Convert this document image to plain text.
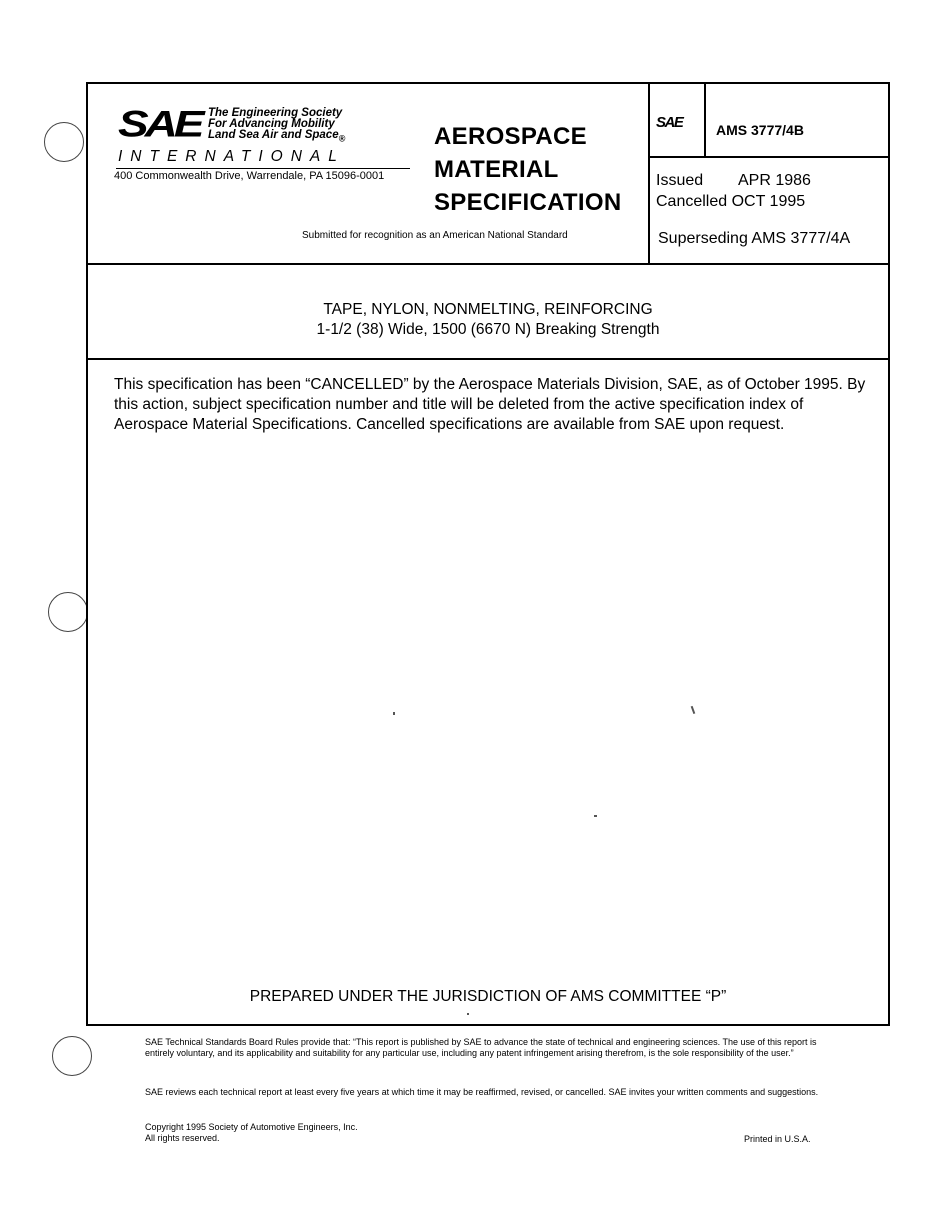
SAE The Engineering Society
For Advancing Mobility
Land Sea Air and Space$_®$
INTERNATIONAL
400 Commonwealth Drive, Warrendale, PA 15096-0001
AEROSPACE
MATERIAL
SPECIFICATION
Submitted for recognition as an American National Standard
SAE AMS 3777/4B
Issued APR 1986
Cancelled OCT 1995
Superseding AMS 3777/4A
TAPE, NYLON, NONMELTING, REINFORCING
1-1/2 (38) Wide, 1500 (6670 N) Breaking Strength
This specification has been “CANCELLED” by the Aerospace Materials Division, SAE, as of October 1995. By this action, subject specification number and title will be deleted from the active specification index of Aerospace Material Specifications. Cancelled specifications are available from SAE upon request.
PREPARED UNDER THE JURISDICTION OF AMS COMMITTEE “P”
SAE Technical Standards Board Rules provide that: “This report is published by SAE to advance the state of technical and engineering sciences. The use of this report is entirely voluntary, and its applicability and suitability for any particular use, including any patent infringement arising therefrom, is the sole responsibility of the user.”
SAE reviews each technical report at least every five years at which time it may be reaffirmed, revised, or cancelled. SAE invites your written comments and suggestions.
Copyright 1995 Society of Automotive Engineers, Inc.
All rights reserved.	Printed in U.S.A.
